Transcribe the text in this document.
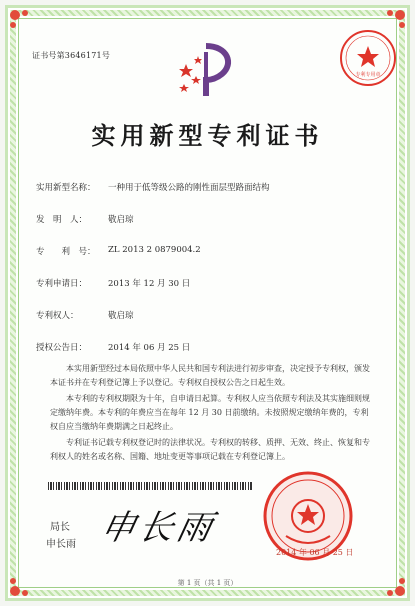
证书号第3646171号
专利专用章
实用新型专利证书
实用新型名称： 一种用于低等级公路的刚性面层型路面结构
发　明　人： 敬启琼
专　　利　号： ZL 2013 2 0879004.2
专利申请日： 2013 年 12 月 30 日
专利权人：	敬启琼
授权公告日： 2014 年 06 月 25 日
本实用新型经过本局依照中华人民共和国专利法进行初步审查，决定授予专利权，颁发本证书并在专利登记簿上予以登记。专利权自授权公告之日起生效。
本专利的专利权期限为十年，自申请日起算。专利权人应当依照专利法及其实施细则规定缴纳年费。本专利的年费应当在每年 12 月 30 日前缴纳。未按照规定缴纳年费的，专利权自应当缴纳年费期满之日起终止。
专利证书记载专利权登记时的法律状况。专利权的转移、质押、无效、终止、恢复和专利权人的姓名或名称、国籍、地址变更等事项记载在专利登记簿上。
局长
申长雨 申长雨
2014 年 06 月 25 日
第 1 页（共 1 页）
